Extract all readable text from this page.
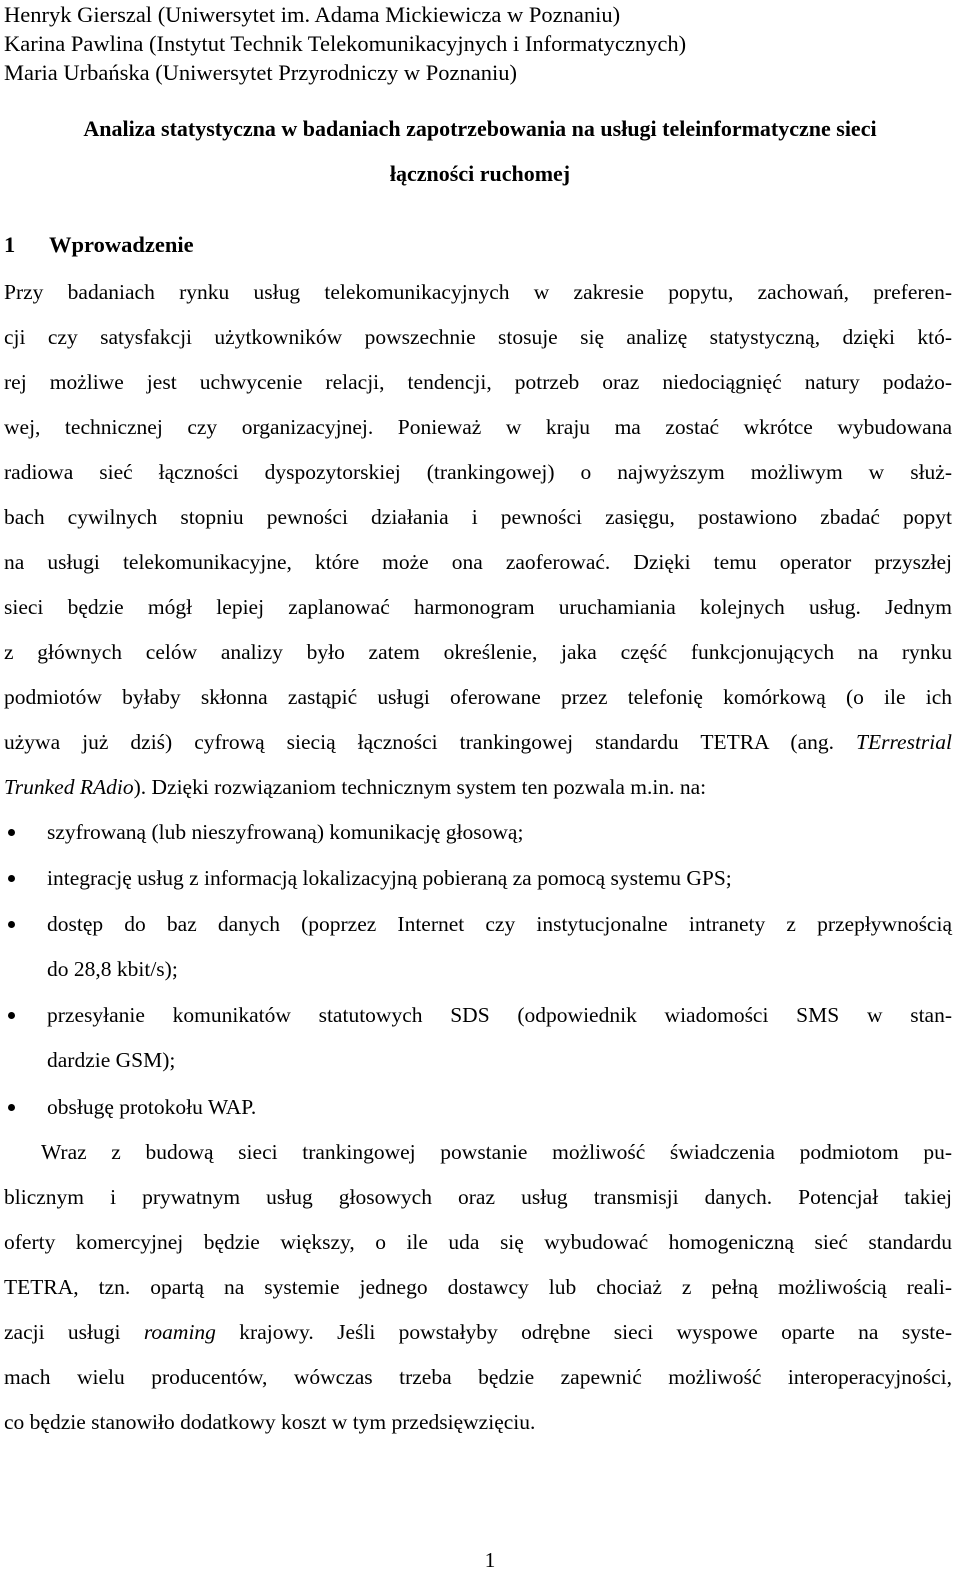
Henryk Gierszal (Uniwersytet im. Adama Mickiewicza w Poznaniu)
Karina Pawlina (Instytut Technik Telekomunikacyjnych i Informatycznych)
Maria Urbańska (Uniwersytet Przyrodniczy w Poznaniu)
Analiza statystyczna w badaniach zapotrzebowania na usługi teleinformatyczne sieci
łączności ruchomej
1 Wprowadzenie
Przy badaniach rynku usług telekomunikacyjnych w zakresie popytu, zachowań, preferen-
cji czy satysfakcji użytkowników powszechnie stosuje się analizę statystyczną, dzięki któ-
rej możliwe jest uchwycenie relacji, tendencji, potrzeb oraz niedociągnięć natury podażo-
wej, technicznej czy organizacyjnej. Ponieważ w kraju ma zostać wkrótce wybudowana
radiowa sieć łączności dyspozytorskiej (trankingowej) o najwyższym możliwym w służ-
bach cywilnych stopniu pewności działania i pewności zasięgu, postawiono zbadać popyt
na usługi telekomunikacyjne, które może ona zaoferować. Dzięki temu operator przyszłej
sieci będzie mógł lepiej zaplanować harmonogram uruchamiania kolejnych usług. Jednym
z głównych celów analizy było zatem określenie, jaka część funkcjonujących na rynku
podmiotów byłaby skłonna zastąpić usługi oferowane przez telefonię komórkową (o ile ich
używa już dziś) cyfrową siecią łączności trankingowej standardu TETRA (ang. TErrestrial
Trunked RAdio). Dzięki rozwiązaniom technicznym system ten pozwala m.in. na:
szyfrowaną (lub nieszyfrowaną) komunikację głosową;
integrację usług z informacją lokalizacyjną pobieraną za pomocą systemu GPS;
dostęp do baz danych (poprzez Internet czy instytucjonalne intranety z przepływnością
do 28,8 kbit/s);
przesyłanie komunikatów statutowych SDS (odpowiednik wiadomości SMS w stan-
dardzie GSM);
obsługę protokołu WAP.
Wraz z budową sieci trankingowej powstanie możliwość świadczenia podmiotom pu-
blicznym i prywatnym usług głosowych oraz usług transmisji danych. Potencjał takiej
oferty komercyjnej będzie większy, o ile uda się wybudować homogeniczną sieć standardu
TETRA, tzn. opartą na systemie jednego dostawcy lub chociaż z pełną możliwością reali-
zacji usługi roaming krajowy. Jeśli powstałyby odrębne sieci wyspowe oparte na syste-
mach wielu producentów, wówczas trzeba będzie zapewnić możliwość interoperacyjności,
co będzie stanowiło dodatkowy koszt w tym przedsięwzięciu.
1
